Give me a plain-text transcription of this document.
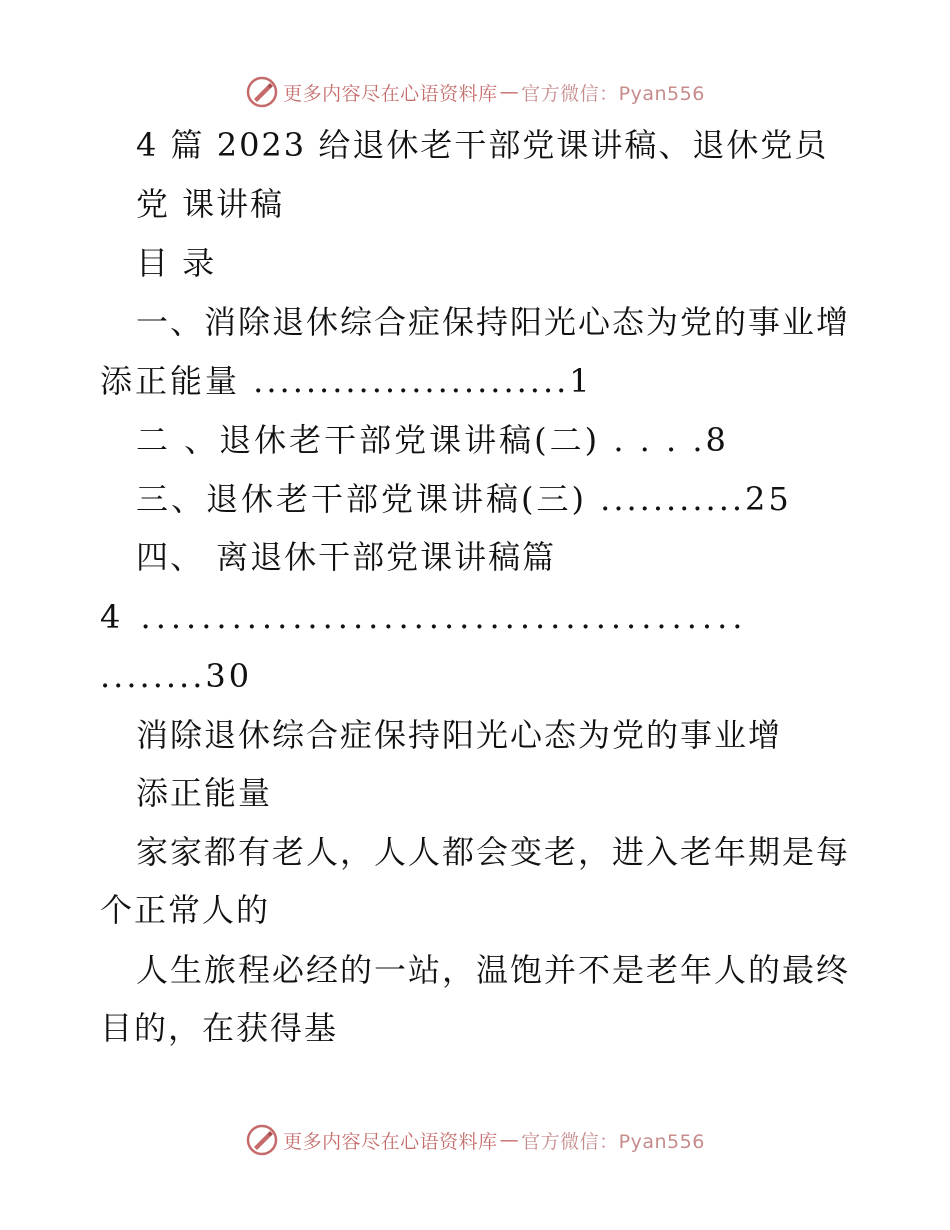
更多内容尽在心语资料库 — 官方微信：Pyan556
4 篇 2023 给退休老干部党课讲稿、退休党员
党 课讲稿
目 录
一、消除退休综合症保持阳光心态为党的事业增
添正能量 ........................1
二 、退休老干部党课讲稿(二) . . . .8
三、退休老干部党课讲稿(三) ...........25
四、 离退休干部党课讲稿篇
4 ........................................
........30
消除退休综合症保持阳光心态为党的事业增
添正能量
家家都有老人，人人都会变老，进入老年期是每
个正常人的
人生旅程必经的一站，温饱并不是老年人的最终
目的，在获得基
更多内容尽在心语资料库 — 官方微信：Pyan556
